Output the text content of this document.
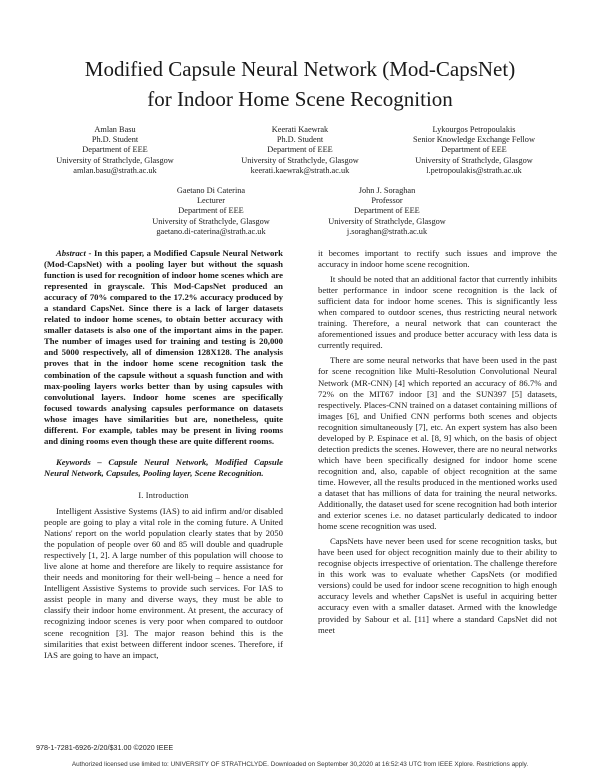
Modified Capsule Neural Network (Mod-CapsNet)
for Indoor Home Scene Recognition
Amlan Basu
Ph.D. Student
Department of EEE
University of Strathclyde, Glasgow
amlan.basu@strath.ac.uk
Keerati Kaewrak
Ph.D. Student
Department of EEE
University of Strathclyde, Glasgow
keerati.kaewrak@strath.ac.uk
Lykourgos Petropoulakis
Senior Knowledge Exchange Fellow
Department of EEE
University of Strathclyde, Glasgow
l.petropoulakis@strath.ac.uk
Gaetano Di Caterina
Lecturer
Department of EEE
University of Strathclyde, Glasgow
gaetano.di-caterina@strath.ac.uk
John J. Soraghan
Professor
Department of EEE
University of Strathclyde, Glasgow
j.soraghan@strath.ac.uk

Abstract - In this paper, a Modified Capsule Neural Network (Mod-CapsNet) with a pooling layer but without the squash function is used for recognition of indoor home scenes which are represented in grayscale. This Mod-CapsNet produced an accuracy of 70% compared to the 17.2% accuracy produced by a standard CapsNet. Since there is a lack of larger datasets related to indoor home scenes, to obtain better accuracy with smaller datasets is also one of the important aims in the paper. The number of images used for training and testing is 20,000 and 5000 respectively, all of dimension 128X128. The analysis proves that in the indoor home scene recognition task the combination of the capsule without a squash function and with max-pooling layers works better than by using capsules with convolutional layers. Indoor home scenes are specifically focused towards analysing capsules performance on datasets whose images have similarities but are, nonetheless, quite different. For example, tables may be present in living rooms and dining rooms even though these are quite different rooms.

Keywords – Capsule Neural Network, Modified Capsule Neural Network, Capsules, Pooling layer, Scene Recognition.

I. Introduction

Intelligent Assistive Systems (IAS) to aid infirm and/or disabled people are going to play a vital role in the coming future. A United Nations' report on the world population clearly states that by 2050 the population of people over 60 and 85 will double and quadruple respectively [1, 2]. A large number of this population will choose to live alone at home and therefore are likely to require assistance for their needs and monitoring for their well-being – hence a need for Intelligent Assistive Systems to provide such services. For IAS to assist people in many and diverse ways, they must be able to classify their indoor home environment. At present, the accuracy of recognizing indoor scenes is very poor when compared to outdoor scene recognition [3]. The major reason behind this is the similarities that exist between different indoor scenes. Therefore, if IAS are going to have an impact,

it becomes important to rectify such issues and improve the accuracy in indoor home scene recognition.

It should be noted that an additional factor that currently inhibits better performance in indoor scene recognition is the lack of sufficient data for indoor home scenes. This is significantly less when compared to outdoor scenes, thus restricting neural network training. Therefore, a neural network that can counteract the aforementioned issues and produce better accuracy with less data is currently required.

There are some neural networks that have been used in the past for scene recognition like Multi-Resolution Convolutional Neural Network (MR-CNN) [4] which reported an accuracy of 86.7% and 72% on the MIT67 indoor [3] and the SUN397 [5] datasets, respectively. Places-CNN trained on a dataset containing millions of images [6], and Unified CNN performs both scenes and objects recognition simultaneously [7], etc. An expert system has also been developed by P. Espinace et al. [8, 9] which, on the basis of object detection predicts the scenes. However, there are no neural networks which have been specifically designed for indoor home scene recognition and, also, capable of object recognition at the same time. However, all the results produced in the mentioned works used a dataset that has millions of data for training the neural networks. Additionally, the dataset used for scene recognition had both interior and exterior scenes i.e. no dataset particularly dedicated to indoor home scene recognition was used.

CapsNets have never been used for scene recognition tasks, but have been used for object recognition mainly due to their ability to recognise objects irrespective of orientation. The challenge therefore in this work was to evaluate whether CapsNets (or modified versions) could be used for indoor scene recognition to high enough accuracy levels and whether CapsNet is useful in acquiring better accuracy even with a smaller dataset. Armed with the knowledge provided by Sabour et al. [11] where a standard CapsNet did not meet

978-1-7281-6926-2/20/$31.00 ©2020 IEEE
Authorized licensed use limited to: UNIVERSITY OF STRATHCLYDE. Downloaded on September 30,2020 at 16:52:43 UTC from IEEE Xplore. Restrictions apply.
